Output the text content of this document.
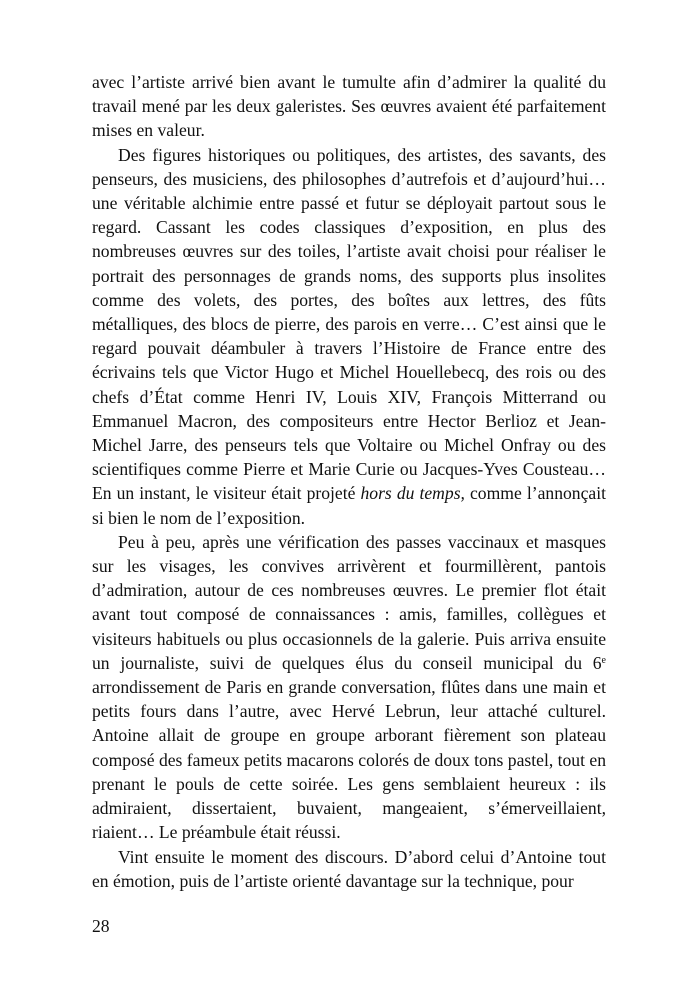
avec l’artiste arrivé bien avant le tumulte afin d’admirer la qualité du travail mené par les deux galeristes. Ses œuvres avaient été parfaitement mises en valeur.

Des figures historiques ou politiques, des artistes, des savants, des penseurs, des musiciens, des philosophes d’autrefois et d’aujourd’hui… une véritable alchimie entre passé et futur se déployait partout sous le regard. Cassant les codes classiques d’exposition, en plus des nombreuses œuvres sur des toiles, l’artiste avait choisi pour réaliser le portrait des personnages de grands noms, des supports plus insolites comme des volets, des portes, des boîtes aux lettres, des fûts métalliques, des blocs de pierre, des parois en verre… C’est ainsi que le regard pouvait déambuler à travers l’Histoire de France entre des écrivains tels que Victor Hugo et Michel Houellebecq, des rois ou des chefs d’État comme Henri IV, Louis XIV, François Mitterrand ou Emmanuel Macron, des compositeurs entre Hector Berlioz et Jean-Michel Jarre, des penseurs tels que Voltaire ou Michel Onfray ou des scientifiques comme Pierre et Marie Curie ou Jacques-Yves Cousteau… En un instant, le visiteur était projeté hors du temps, comme l’annonçait si bien le nom de l’exposition.

Peu à peu, après une vérification des passes vaccinaux et masques sur les visages, les convives arrivèrent et fourmillèrent, pantois d’admiration, autour de ces nombreuses œuvres. Le premier flot était avant tout composé de connaissances : amis, familles, collègues et visiteurs habituels ou plus occasionnels de la galerie. Puis arriva ensuite un journaliste, suivi de quelques élus du conseil municipal du 6e arrondissement de Paris en grande conversation, flûtes dans une main et petits fours dans l’autre, avec Hervé Lebrun, leur attaché culturel. Antoine allait de groupe en groupe arborant fièrement son plateau composé des fameux petits macarons colorés de doux tons pastel, tout en prenant le pouls de cette soirée. Les gens semblaient heureux : ils admiraient, dissertaient, buvaient, mangeaient, s’émerveillaient, riaient… Le préambule était réussi.

Vint ensuite le moment des discours. D’abord celui d’Antoine tout en émotion, puis de l’artiste orienté davantage sur la technique, pour

28
